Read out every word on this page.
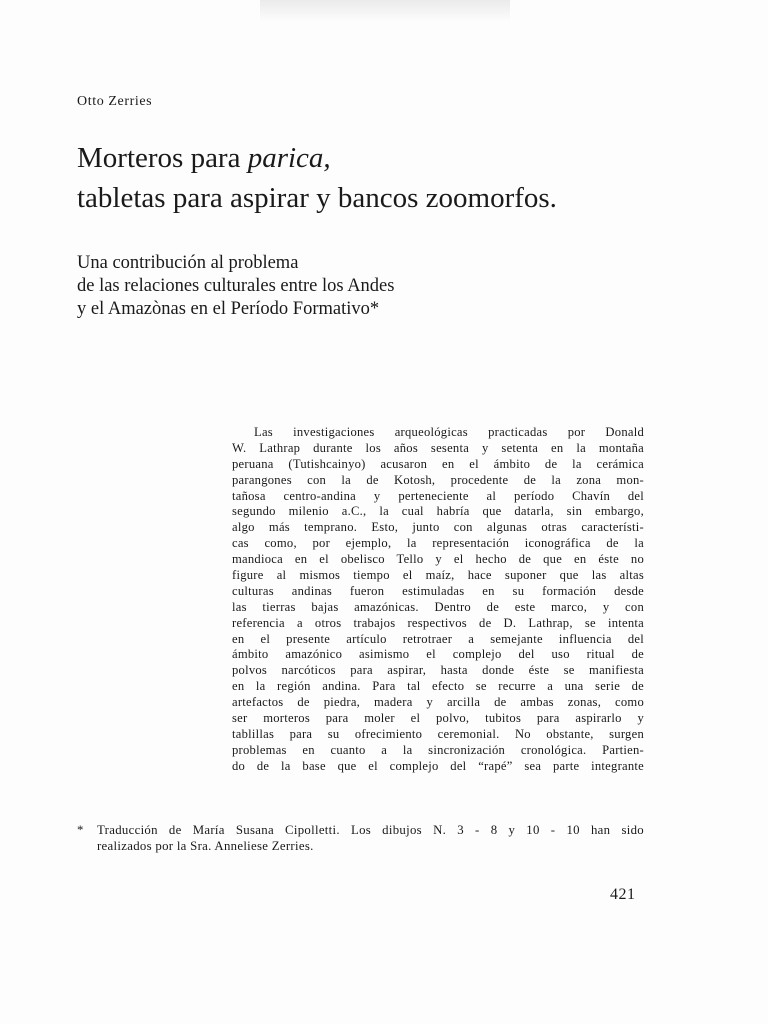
Otto Zerries
Morteros para parica,
tabletas para aspirar y bancos zoomorfos.
Una contribución al problema
de las relaciones culturales entre los Andes
y el Amazònas en el Período Formativo*
Las investigaciones arqueológicas practicadas por Donald
W. Lathrap durante los años sesenta y setenta en la montaña
peruana (Tutishcainyo) acusaron en el ámbito de la cerámica
parangones con la de Kotosh, procedente de la zona mon-
tañosa centro-andina y perteneciente al período Chavín del
segundo milenio a.C., la cual habría que datarla, sin embargo,
algo más temprano. Esto, junto con algunas otras característi-
cas como, por ejemplo, la representación iconográfica de la
mandioca en el obelisco Tello y el hecho de que en éste no
figure al mismos tiempo el maíz, hace suponer que las altas
culturas andinas fueron estimuladas en su formación desde
las tierras bajas amazónicas. Dentro de este marco, y con
referencia a otros trabajos respectivos de D. Lathrap, se intenta
en el presente artículo retrotraer a semejante influencia del
ámbito amazónico asimismo el complejo del uso ritual de
polvos narcóticos para aspirar, hasta donde éste se manifiesta
en la región andina. Para tal efecto se recurre a una serie de
artefactos de piedra, madera y arcilla de ambas zonas, como
ser morteros para moler el polvo, tubitos para aspirarlo y
tablillas para su ofrecimiento ceremonial. No obstante, surgen
problemas en cuanto a la sincronización cronológica. Partien-
do de la base que el complejo del “rapé” sea parte integrante
*	Traducción de María Susana Cipolletti. Los dibujos N. 3 - 8 y 10 - 10 han sido
realizados por la Sra. Anneliese Zerries.
421
